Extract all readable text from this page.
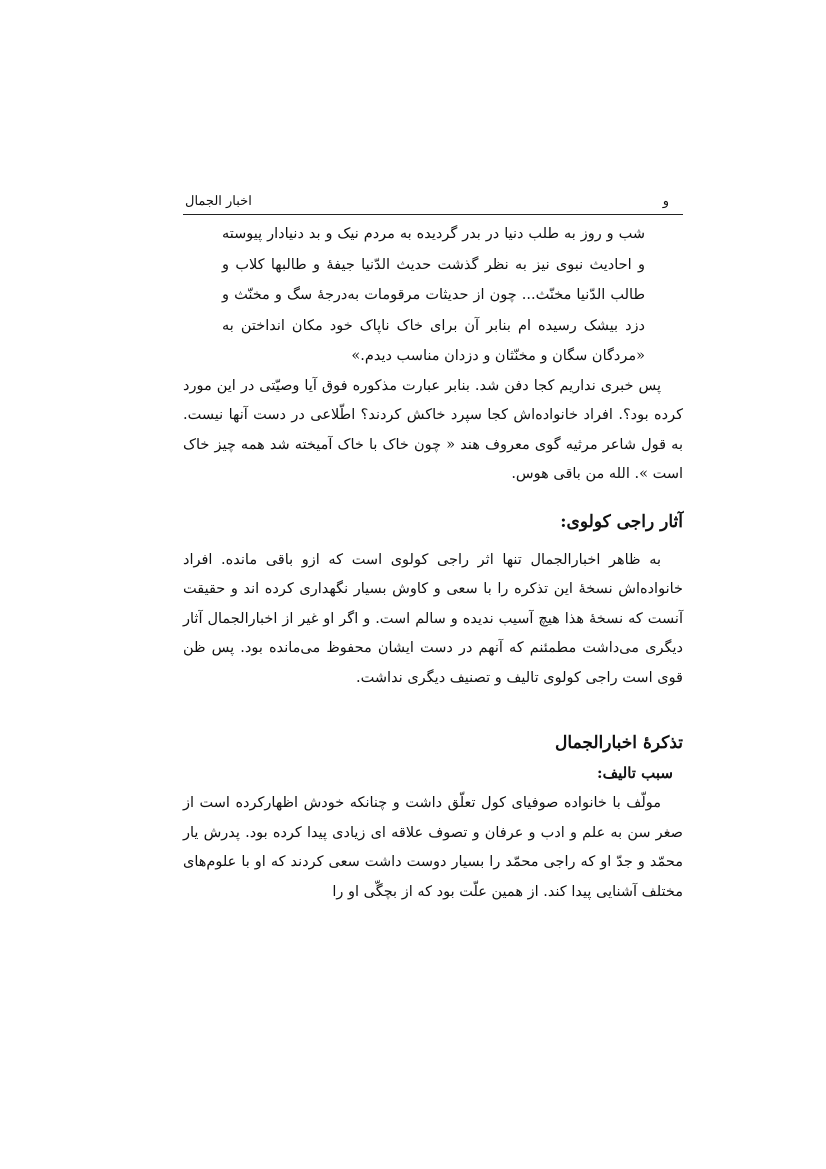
و
اخبار الجمال

شب و روز به طلب دنیا در بدر گردیده به مردم نیک و بد دنیادار پیوسته و احادیث نبوی نیز به نظر گذشت حدیث الدّنیا جیفهٔ و طالبها کلاب و طالب الدّنیا مخنّث... چون از حدیثات مرقومات به‌درجهٔ سگ و مخنّث و دزد بیشک رسیده ام بنابر آن برای خاک ناپاک خود مکان انداختن به «مردگان سگان و مخنّثان و دزدان مناسب دیدم.»

پس خبری نداریم کجا دفن شد. بنابر عبارت مذکوره فوق آیا وصیّتی در این مورد کرده بود؟. افراد خانواده‌اش کجا سپرد خاکش کردند؟ اطّلاعی در دست آنها نیست. به قول شاعر مرثیه گوی معروف هند « چون خاک با خاک آمیخته شد همه چیز خاک است ». الله من باقی هوس.

آثار راجی کولوی:

به ظاهر اخبارالجمال تنها اثر راجی کولوی است که ازو باقی مانده. افراد خانواده‌اش نسخهٔ این تذکره را با سعی و کاوش بسیار نگهداری کرده اند و حقیقت آنست که نسخهٔ هذا هیچ آسیب ندیده و سالم است. و اگر او غیر از اخبارالجمال آثار دیگری می‌داشت مطمئنم که آنهم در دست ایشان محفوظ می‌مانده بود. پس ظن قوی است راجی کولوی تالیف و تصنیف دیگری نداشت.

تذکرهٔ اخبارالجمال
سبب تالیف:

مولّف با خانواده صوفیای کول تعلّق داشت و چنانکه خودش اظهارکرده است از صغر سن به علم و ادب و عرفان و تصوف علاقه ای زیادی پیدا کرده بود. پدرش یار محمّد و جدّ او که راجی محمّد را بسیار دوست داشت سعی کردند که او با علوم‌های مختلف آشنایی پیدا کند. از همین علّت بود که از بچگّی او را
